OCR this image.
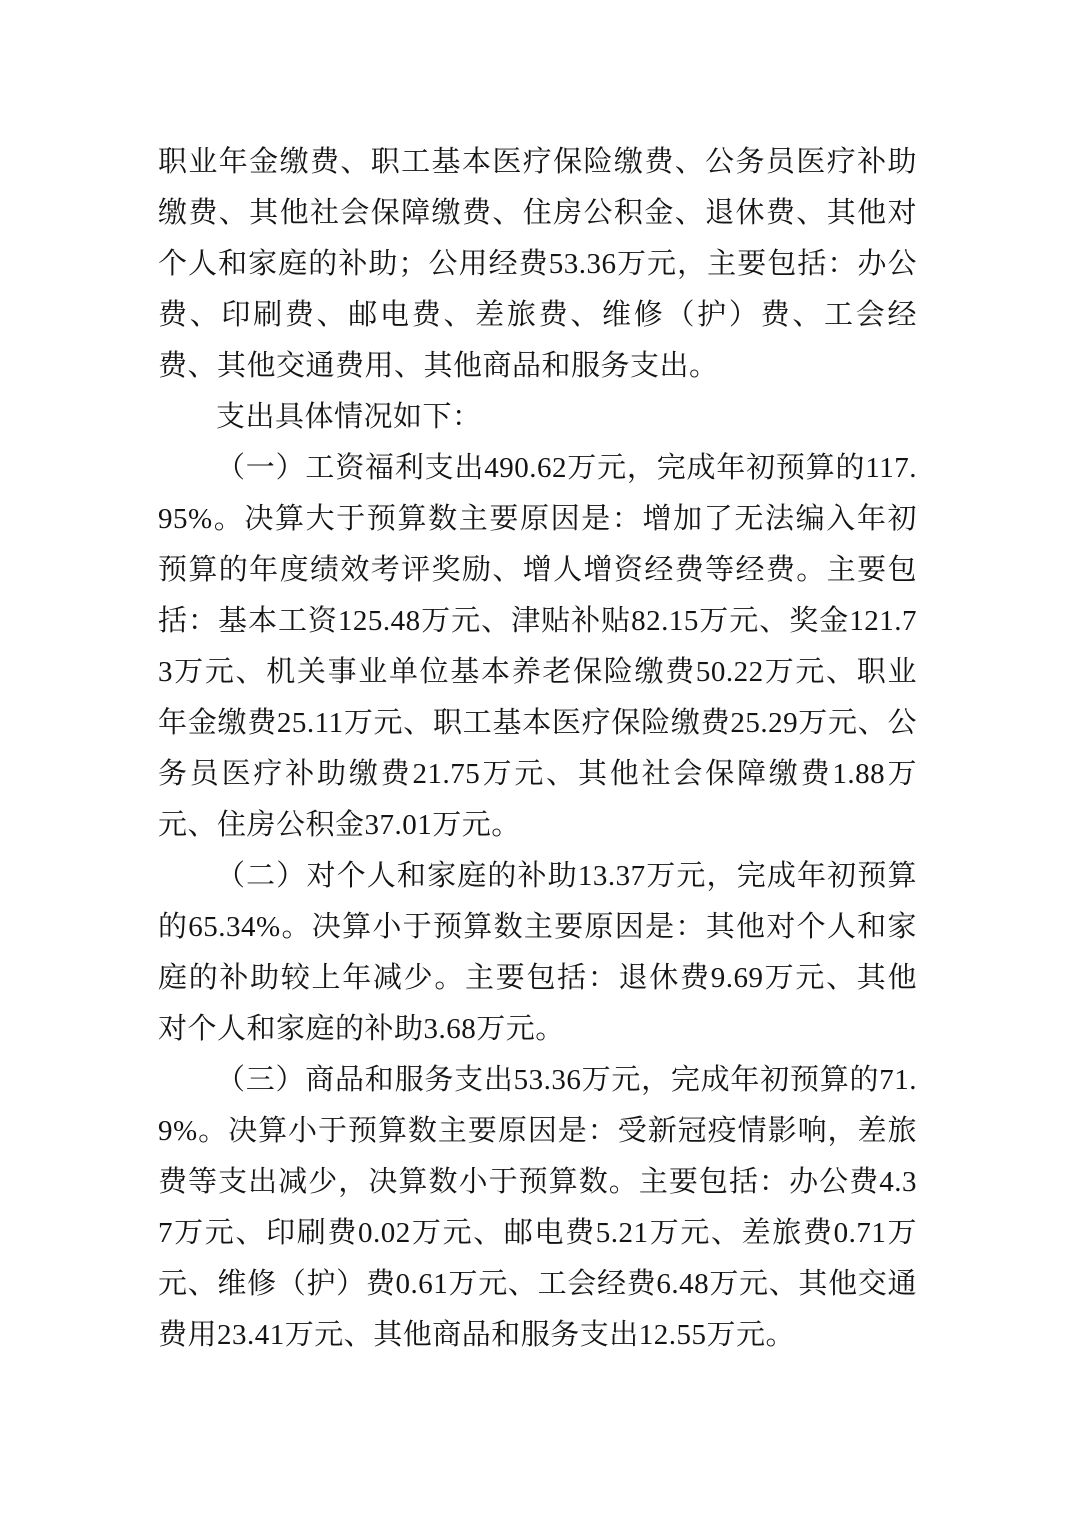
职业年金缴费、职工基本医疗保险缴费、公务员医疗补助缴费、其他社会保障缴费、住房公积金、退休费、其他对个人和家庭的补助；公用经费53.36万元，主要包括：办公费、印刷费、邮电费、差旅费、维修（护）费、工会经费、其他交通费用、其他商品和服务支出。

支出具体情况如下：

（一）工资福利支出490.62万元，完成年初预算的117.95%。决算大于预算数主要原因是：增加了无法编入年初预算的年度绩效考评奖励、增人增资经费等经费。主要包括：基本工资125.48万元、津贴补贴82.15万元、奖金121.73万元、机关事业单位基本养老保险缴费50.22万元、职业年金缴费25.11万元、职工基本医疗保险缴费25.29万元、公务员医疗补助缴费21.75万元、其他社会保障缴费1.88万元、住房公积金37.01万元。

（二）对个人和家庭的补助13.37万元，完成年初预算的65.34%。决算小于预算数主要原因是：其他对个人和家庭的补助较上年减少。主要包括：退休费9.69万元、其他对个人和家庭的补助3.68万元。

（三）商品和服务支出53.36万元，完成年初预算的71.9%。决算小于预算数主要原因是：受新冠疫情影响，差旅费等支出减少，决算数小于预算数。主要包括：办公费4.37万元、印刷费0.02万元、邮电费5.21万元、差旅费0.71万元、维修（护）费0.61万元、工会经费6.48万元、其他交通费用23.41万元、其他商品和服务支出12.55万元。
